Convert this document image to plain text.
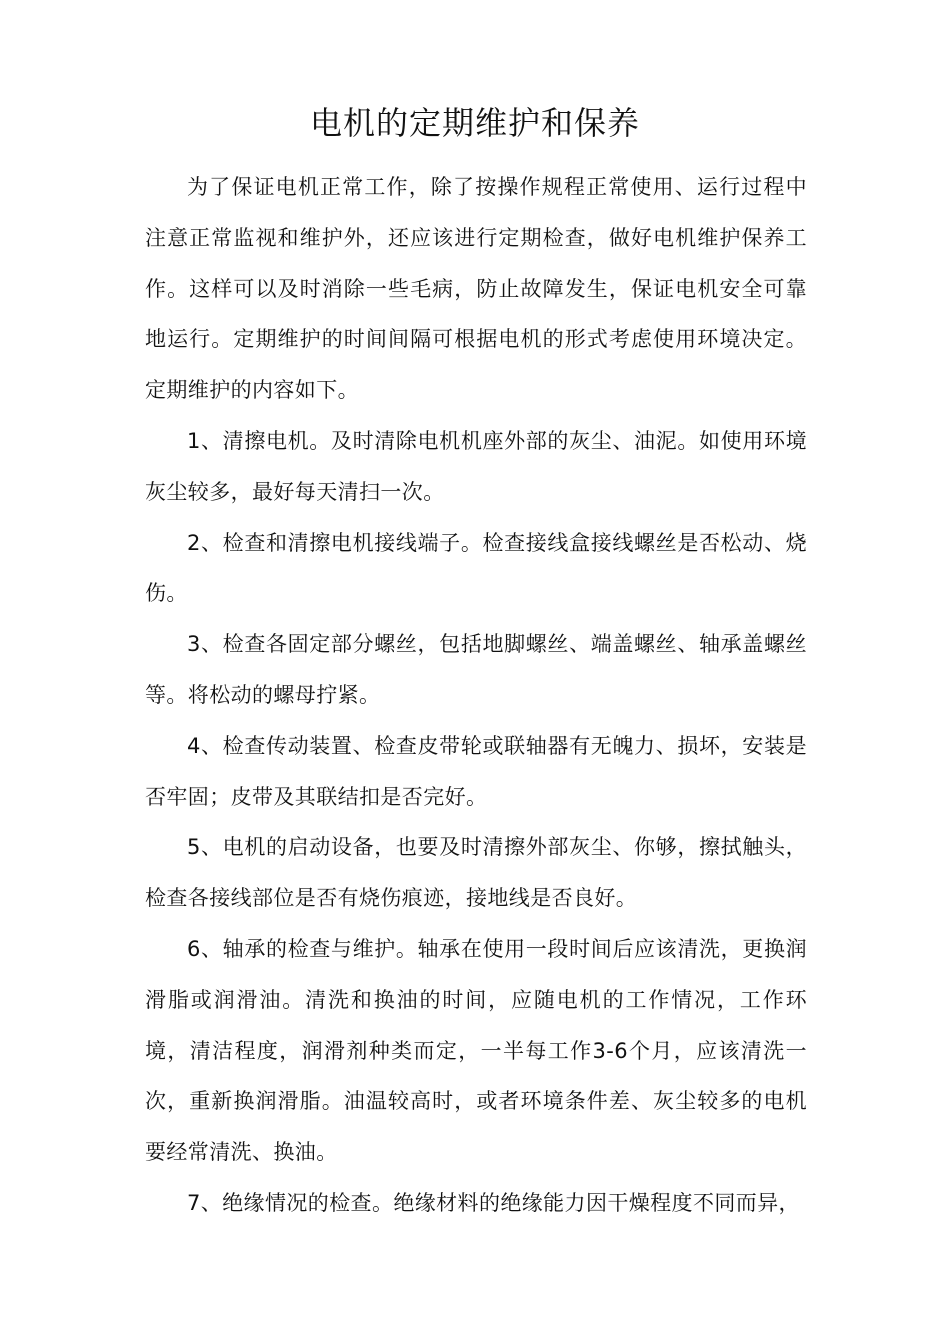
电机的定期维护和保养

为了保证电机正常工作，除了按操作规程正常使用、运行过程中注意正常监视和维护外，还应该进行定期检查，做好电机维护保养工作。这样可以及时消除一些毛病，防止故障发生，保证电机安全可靠地运行。定期维护的时间间隔可根据电机的形式考虑使用环境决定。定期维护的内容如下。

1、清擦电机。及时清除电机机座外部的灰尘、油泥。如使用环境灰尘较多，最好每天清扫一次。

2、检查和清擦电机接线端子。检查接线盒接线螺丝是否松动、烧伤。

3、检查各固定部分螺丝，包括地脚螺丝、端盖螺丝、轴承盖螺丝等。将松动的螺母拧紧。

4、检查传动装置、检查皮带轮或联轴器有无魄力、损坏，安装是否牢固；皮带及其联结扣是否完好。

5、电机的启动设备，也要及时清擦外部灰尘、你够，擦拭触头，检查各接线部位是否有烧伤痕迹，接地线是否良好。

6、轴承的检查与维护。轴承在使用一段时间后应该清洗，更换润滑脂或润滑油。清洗和换油的时间，应随电机的工作情况，工作环境，清洁程度，润滑剂种类而定，一半每工作3-6个月，应该清洗一次，重新换润滑脂。油温较高时，或者环境条件差、灰尘较多的电机要经常清洗、换油。

7、绝缘情况的检查。绝缘材料的绝缘能力因干燥程度不同而异，
